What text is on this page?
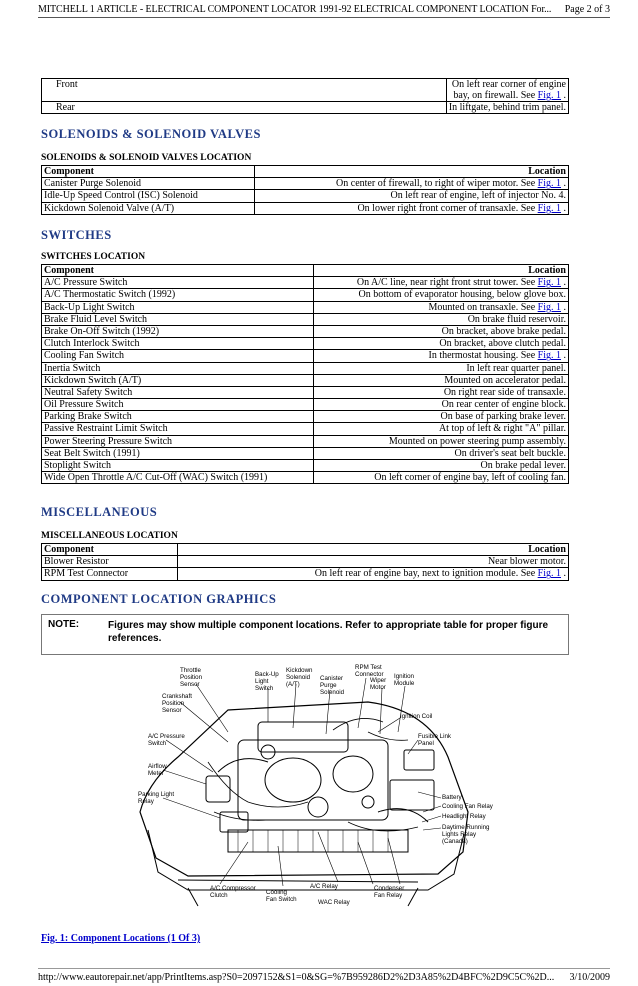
MITCHELL 1 ARTICLE - ELECTRICAL COMPONENT LOCATOR 1991-92 ELECTRICAL COMPONENT LOCATION For... Page 2 of 3
Front	On left rear corner of engine
bay, on firewall. See Fig. 1 .

Rear	In liftgate, behind trim panel.
SOLENOIDS & SOLENOID VALVES
SOLENOIDS & SOLENOID VALVES LOCATION
Component	Location
Canister Purge Solenoid	On center of firewall, to right of wiper motor. See Fig. 1 .
Idle-Up Speed Control (ISC) Solenoid	On left rear of engine, left of injector No. 4.
Kickdown Solenoid Valve (A/T)	On lower right front corner of transaxle. See Fig. 1 .
SWITCHES
SWITCHES LOCATION
Component	Location
A/C Pressure Switch	On A/C line, near right front strut tower. See Fig. 1 .
A/C Thermostatic Switch (1992)	On bottom of evaporator housing, below glove box.
Back-Up Light Switch	Mounted on transaxle. See Fig. 1 .
Brake Fluid Level Switch	On brake fluid reservoir.
Brake On-Off Switch (1992)	On bracket, above brake pedal.
Clutch Interlock Switch	On bracket, above clutch pedal.
Cooling Fan Switch	In thermostat housing. See Fig. 1 .
Inertia Switch	In left rear quarter panel.
Kickdown Switch (A/T)	Mounted on accelerator pedal.
Neutral Safety Switch	On right rear side of transaxle.
Oil Pressure Switch	On rear center of engine block.
Parking Brake Switch	On base of parking brake lever.
Passive Restraint Limit Switch	At top of left & right "A" pillar.
Power Steering Pressure Switch	Mounted on power steering pump assembly.
Seat Belt Switch (1991)	On driver's seat belt buckle.
Stoplight Switch	On brake pedal lever.
Wide Open Throttle A/C Cut-Off (WAC) Switch (1991)	On left corner of engine bay, left of cooling fan.
MISCELLANEOUS
MISCELLANEOUS LOCATION
Component	Location
Blower Resistor	Near blower motor.
RPM Test Connector	On left rear of engine bay, next to ignition module. See Fig. 1 .
COMPONENT LOCATION GRAPHICS
NOTE:	Figures may show multiple component locations. Refer to appropriate table for proper figure references.
Throttle Position Sensor
Back-Up Light Switch
Kickdown Solenoid (A/T)
Canister Purge Solenoid
RPM Test Connector
Wiper Motor
Ignition Module
Crankshaft Position Sensor
Ignition Coil
A/C Pressure Switch
Fusible Link Panel
Airflow Meter
Parking Light Relay
Battery
Cooling Fan Relay
Headlight Relay
Daytime Running Lights Relay (Canada)
A/C Compressor Clutch	Cooling Fan Switch
A/C Relay
WAC Relay
Condenser Fan Relay
Fig. 1: Component Locations (1 Of 3)
http://www.eautorepair.net/app/PrintItems.asp?S0=2097152&S1=0&SG=%7B959286D2%2D3A85%2D4BFC%2D9C5C%2D... 3/10/2009
